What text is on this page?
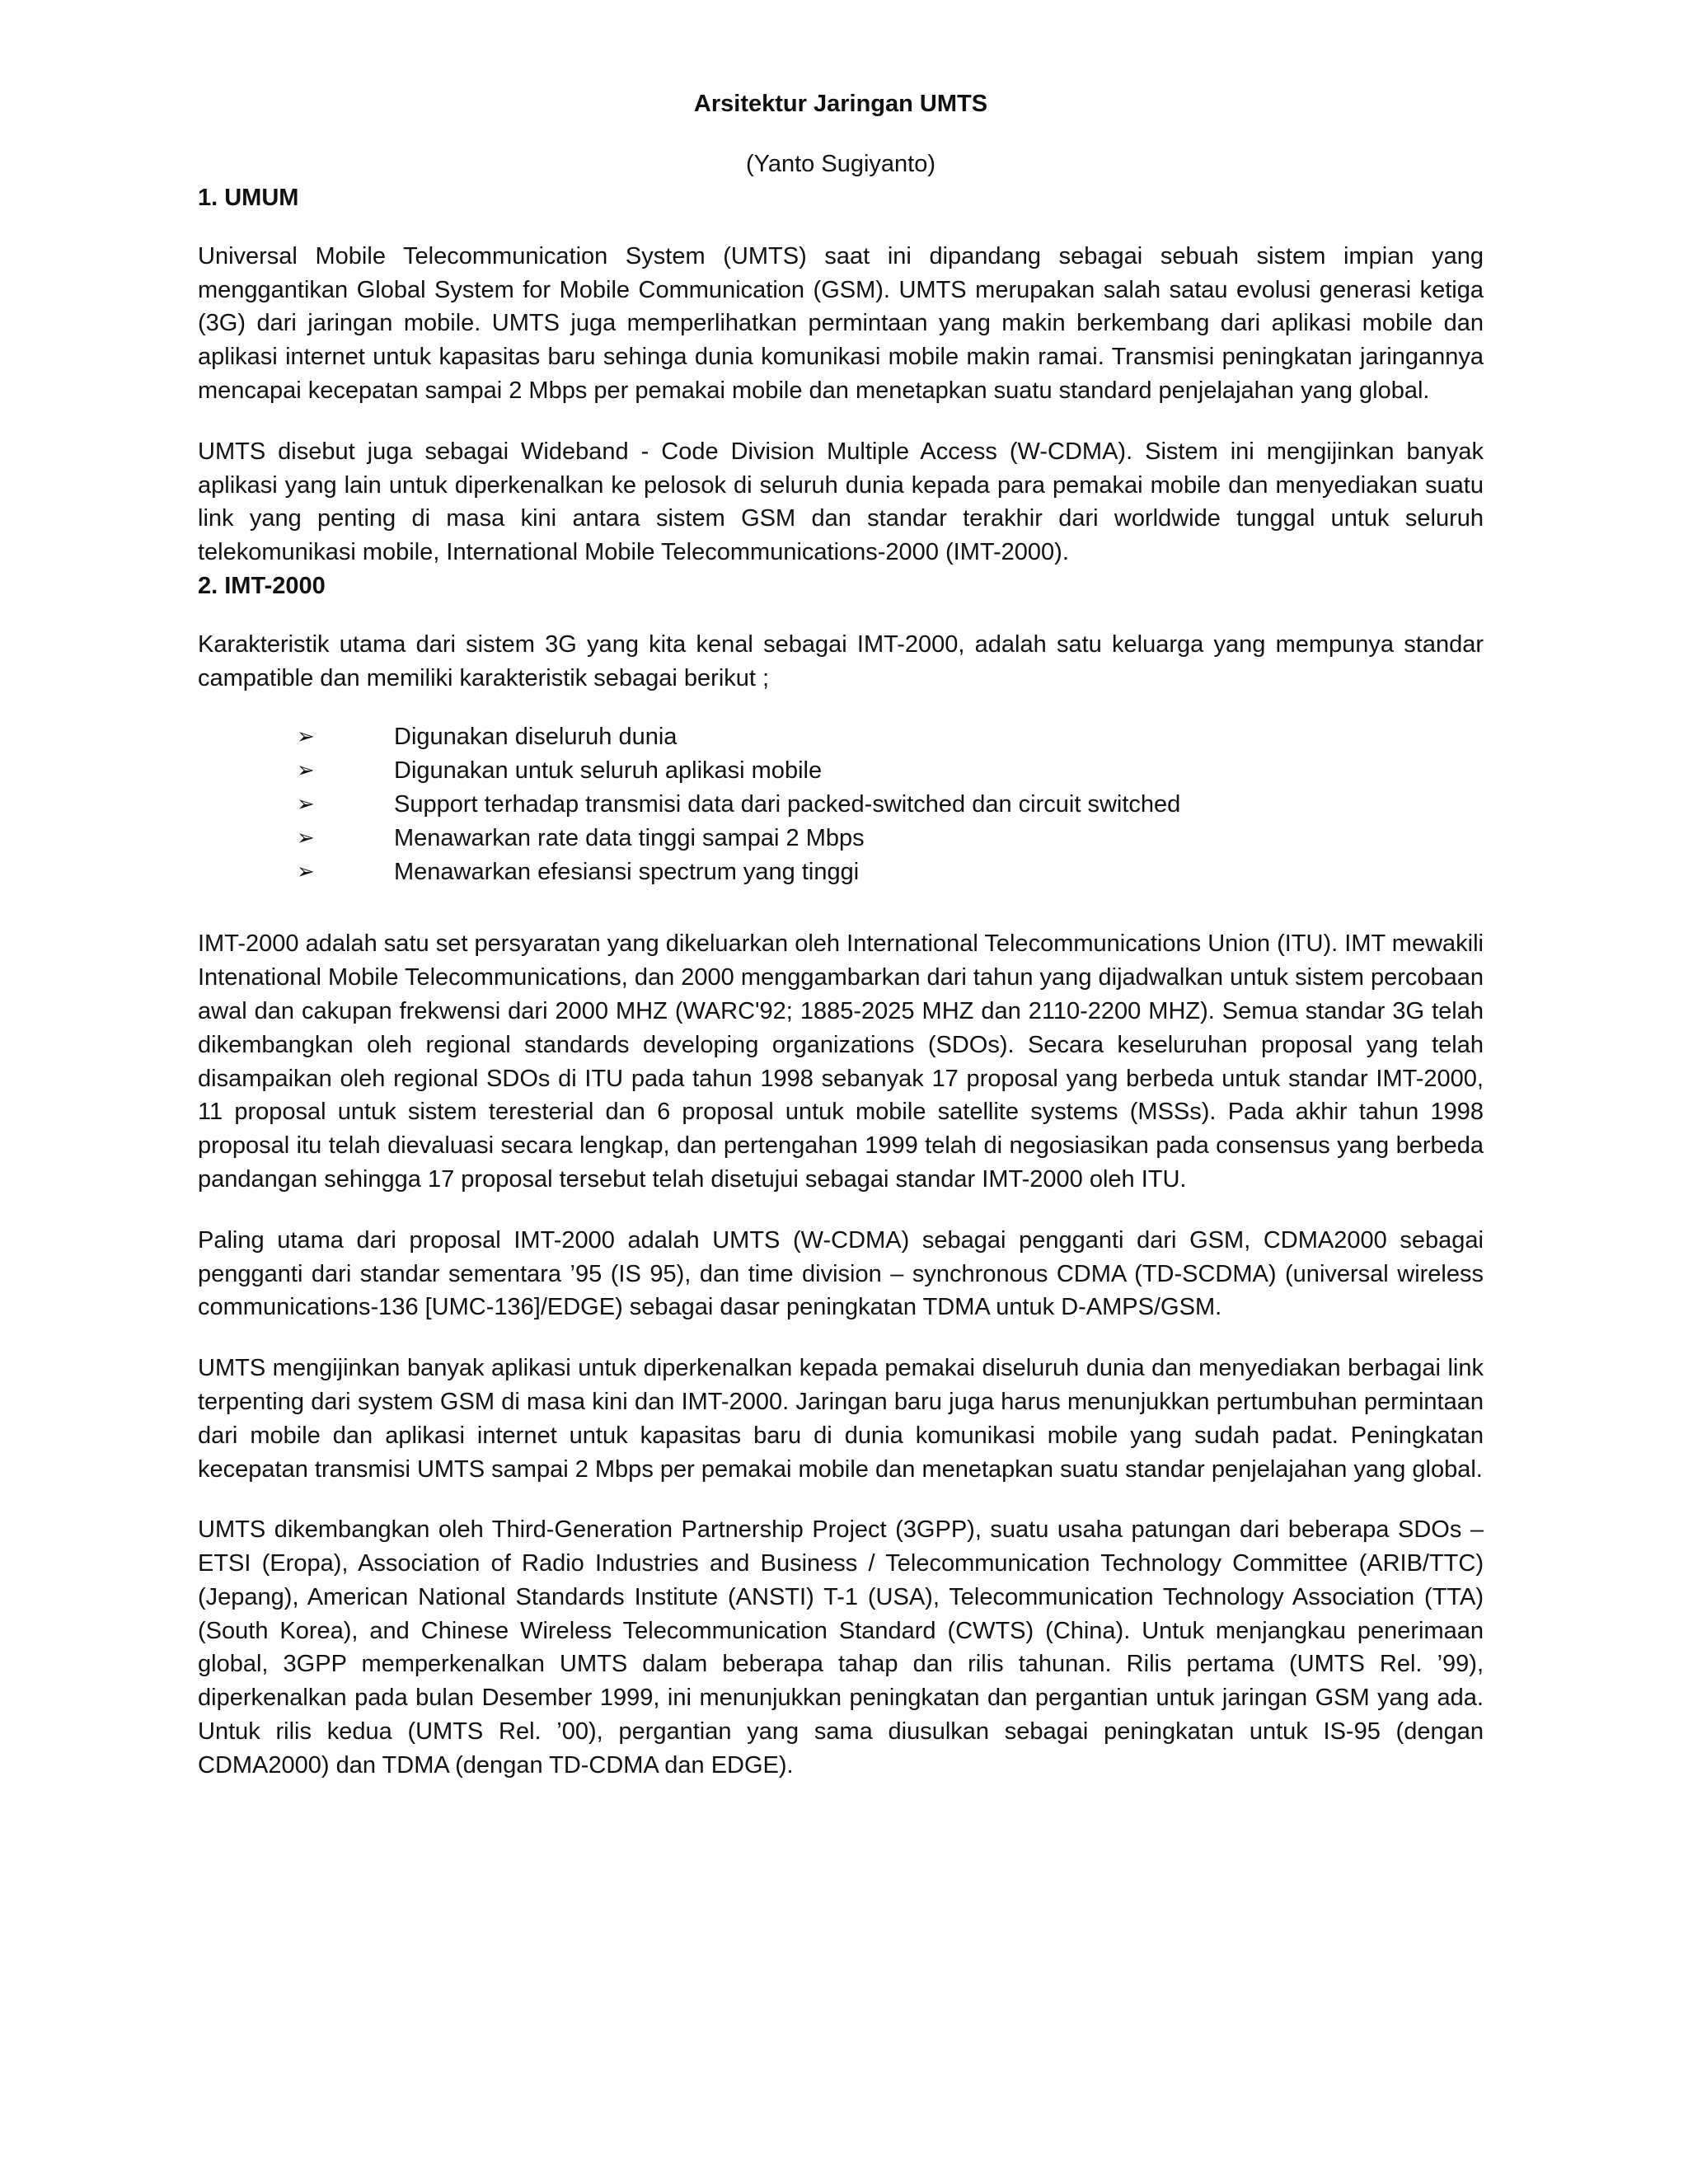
Arsitektur Jaringan UMTS
(Yanto Sugiyanto)
1. UMUM

Universal Mobile Telecommunication System (UMTS) saat ini dipandang sebagai sebuah sistem impian yang menggantikan Global System for Mobile Communication (GSM). UMTS merupakan salah satau evolusi generasi ketiga (3G) dari jaringan mobile. UMTS juga memperlihatkan permintaan yang makin berkembang dari aplikasi mobile dan aplikasi internet untuk kapasitas baru sehinga dunia komunikasi mobile makin ramai. Transmisi peningkatan jaringannya mencapai kecepatan sampai 2 Mbps per pemakai mobile dan menetapkan suatu standard penjelajahan yang global.

UMTS disebut juga sebagai Wideband - Code Division Multiple Access (W-CDMA). Sistem ini mengijinkan banyak aplikasi yang lain untuk diperkenalkan ke pelosok di seluruh dunia kepada para pemakai mobile dan menyediakan suatu link yang penting di masa kini antara sistem GSM dan standar terakhir dari worldwide tunggal untuk seluruh telekomunikasi mobile, International Mobile Telecommunications-2000 (IMT-2000).

2. IMT-2000

Karakteristik utama dari sistem 3G yang kita kenal sebagai IMT-2000, adalah satu keluarga yang mempunya standar campatible dan memiliki karakteristik sebagai berikut ;

➢	Digunakan diseluruh dunia
➢	Digunakan untuk seluruh aplikasi mobile
➢	Support terhadap transmisi data dari packed-switched dan circuit switched
➢	Menawarkan rate data tinggi sampai 2 Mbps
➢	Menawarkan efesiansi spectrum yang tinggi

IMT-2000 adalah satu set persyaratan yang dikeluarkan oleh International Telecommunications Union (ITU). IMT mewakili Intenational Mobile Telecommunications, dan 2000 menggambarkan dari tahun yang dijadwalkan untuk sistem percobaan awal dan cakupan frekwensi dari 2000 MHZ (WARC'92; 1885-2025 MHZ dan 2110-2200 MHZ). Semua standar 3G telah dikembangkan oleh regional standards developing organizations (SDOs). Secara keseluruhan proposal yang telah disampaikan oleh regional SDOs di ITU pada tahun 1998 sebanyak 17 proposal yang berbeda untuk standar IMT-2000, 11 proposal untuk sistem teresterial dan 6 proposal untuk mobile satellite systems (MSSs). Pada akhir tahun 1998 proposal itu telah dievaluasi secara lengkap, dan pertengahan 1999 telah di negosiasikan pada consensus yang berbeda pandangan sehingga 17 proposal tersebut telah disetujui sebagai standar IMT-2000 oleh ITU.

Paling utama dari proposal IMT-2000 adalah UMTS (W-CDMA) sebagai pengganti dari GSM, CDMA2000 sebagai pengganti dari standar sementara ’95 (IS 95), dan time division – synchronous CDMA (TD-SCDMA) (universal wireless communications-136 [UMC-136]/EDGE) sebagai dasar peningkatan TDMA untuk D-AMPS/GSM.

UMTS mengijinkan banyak aplikasi untuk diperkenalkan kepada pemakai diseluruh dunia dan menyediakan berbagai link terpenting dari system GSM di masa kini dan IMT-2000. Jaringan baru juga harus menunjukkan pertumbuhan permintaan dari mobile dan aplikasi internet untuk kapasitas baru di dunia komunikasi mobile yang sudah padat. Peningkatan kecepatan transmisi UMTS sampai 2 Mbps per pemakai mobile dan menetapkan suatu standar penjelajahan yang global.

UMTS dikembangkan oleh Third-Generation Partnership Project (3GPP), suatu usaha patungan dari beberapa SDOs – ETSI (Eropa), Association of Radio Industries and Business / Telecommunication Technology Committee (ARIB/TTC) (Jepang), American National Standards Institute (ANSTI) T-1 (USA), Telecommunication Technology Association (TTA) (South Korea), and Chinese Wireless Telecommunication Standard (CWTS) (China). Untuk menjangkau penerimaan global, 3GPP memperkenalkan UMTS dalam beberapa tahap dan rilis tahunan. Rilis pertama (UMTS Rel. ’99), diperkenalkan pada bulan Desember 1999, ini menunjukkan peningkatan dan pergantian untuk jaringan GSM yang ada. Untuk rilis kedua (UMTS Rel. ’00), pergantian yang sama diusulkan sebagai peningkatan untuk IS-95 (dengan CDMA2000) dan TDMA (dengan TD-CDMA dan EDGE).
